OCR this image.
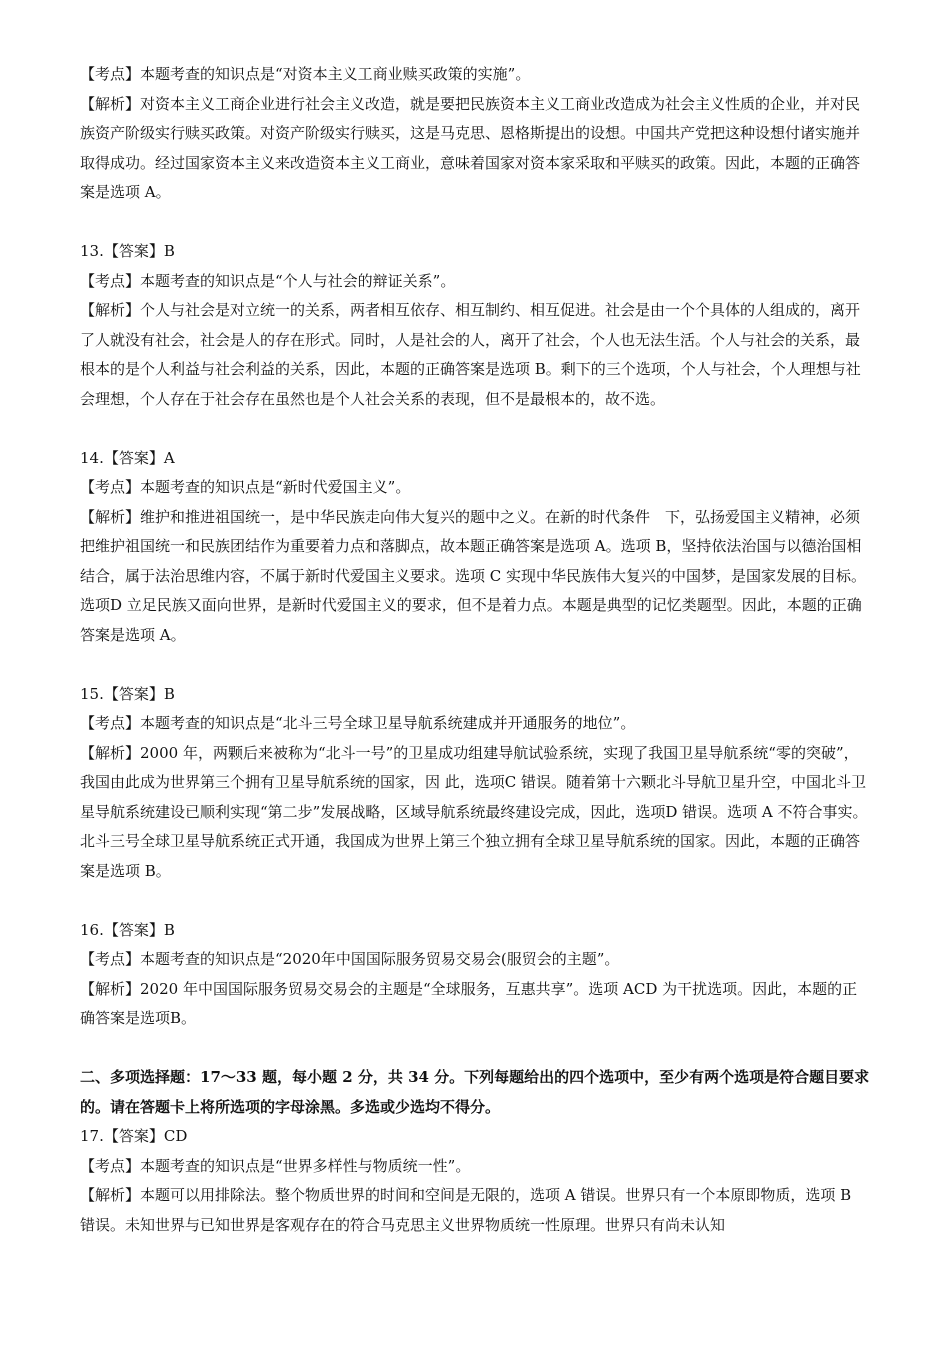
【考点】本题考查的知识点是“对资本主义工商业赎买政策的实施”。

【解析】对资本主义工商企业进行社会主义改造，就是要把民族资本主义工商业改造成为社会主义性质的企业，并对民族资产阶级实行赎买政策。对资产阶级实行赎买，这是马克思、恩格斯提出的设想。中国共产党把这种设想付诸实施并取得成功。经过国家资本主义来改造资本主义工商业，意味着国家对资本家采取和平赎买的政策。因此，本题的正确答案是选项 A。

13.【答案】B

【考点】本题考查的知识点是“个人与社会的辩证关系”。

【解析】个人与社会是对立统一的关系，两者相互依存、相互制约、相互促进。社会是由一个个具体的人组成的，离开了人就没有社会，社会是人的存在形式。同时，人是社会的人，离开了社会，个人也无法生活。个人与社会的关系，最根本的是个人利益与社会利益的关系，因此，本题的正确答案是选项 B。剩下的三个选项，个人与社会，个人理想与社会理想，个人存在于社会存在虽然也是个人社会关系的表现，但不是最根本的，故不选。

14.【答案】A

【考点】本题考查的知识点是“新时代爱国主义”。

【解析】维护和推进祖国统一，是中华民族走向伟大复兴的题中之义。在新的时代条件　下，弘扬爱国主义精神，必须把维护祖国统一和民族团结作为重要着力点和落脚点，故本题正确答案是选项 A。选项 B，坚持依法治国与以德治国相结合，属于法治思维内容，不属于新时代爱国主义要求。选项 C 实现中华民族伟大复兴的中国梦，是国家发展的目标。选项D 立足民族又面向世界，是新时代爱国主义的要求，但不是着力点。本题是典型的记忆类题型。因此，本题的正确答案是选项 A。

15.【答案】B

【考点】本题考查的知识点是“北斗三号全球卫星导航系统建成并开通服务的地位”。

【解析】2000 年，两颗后来被称为“北斗一号”的卫星成功组建导航试验系统，实现了我国卫星导航系统“零的突破”，我国由此成为世界第三个拥有卫星导航系统的国家，因 此，选项C 错误。随着第十六颗北斗导航卫星升空，中国北斗卫星导航系统建设已顺利实现“第二步”发展战略，区域导航系统最终建设完成，因此，选项D 错误。选项 A 不符合事实。北斗三号全球卫星导航系统正式开通，我国成为世界上第三个独立拥有全球卫星导航系统的国家。因此，本题的正确答案是选项 B。

16.【答案】B

【考点】本题考查的知识点是“2020年中国国际服务贸易交易会(服贸会的主题”。

【解析】2020 年中国国际服务贸易交易会的主题是“全球服务，互惠共享”。选项 ACD 为干扰选项。因此，本题的正确答案是选项B。

二、多项选择题：17～33 题，每小题 2 分，共 34 分。下列每题给出的四个选项中，至少有两个选项是符合题目要求的。请在答题卡上将所选项的字母涂黑。多选或少选均不得分。

17.【答案】CD

【考点】本题考查的知识点是“世界多样性与物质统一性”。

【解析】本题可以用排除法。整个物质世界的时间和空间是无限的，选项 A 错误。世界只有一个本原即物质，选项 B 错误。未知世界与已知世界是客观存在的符合马克思主义世界物质统一性原理。世界只有尚未认知
